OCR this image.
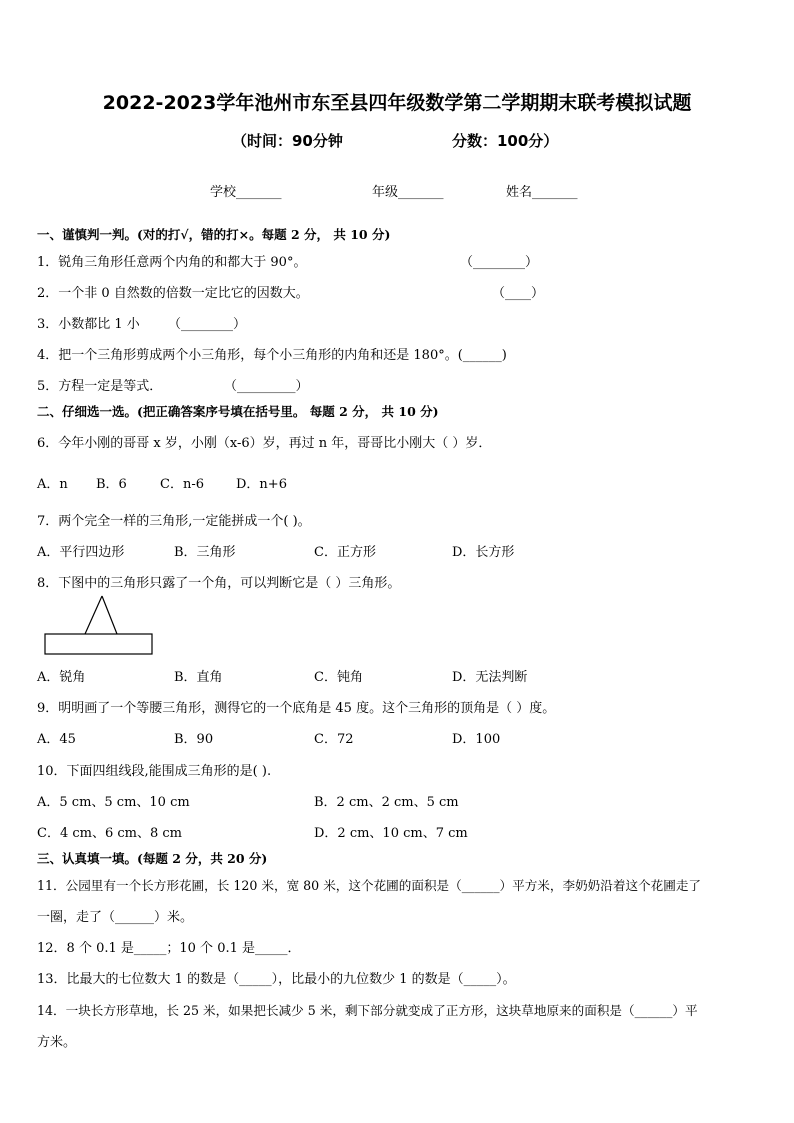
2022-2023学年池州市东至县四年级数学第二学期期末联考模拟试题
（时间：90分钟	分数：100分）
学校_______	年级_______	姓名_______
一、谨慎判一判。(对的打√，错的打×。每题 2 分， 共 10 分)
1．锐角三角形任意两个内角的和都大于 90°。	（________）
2．一个非 0 自然数的倍数一定比它的因数大。	（____）
3．小数都比 1 小 （________）
4．把一个三角形剪成两个小三角形，每个小三角形的内角和还是 180°。(______)
5．方程一定是等式．	（_________）
二、仔细选一选。(把正确答案序号填在括号里。 每题 2 分， 共 10 分)
6．今年小刚的哥哥 x 岁，小刚（x-6）岁，再过 n 年，哥哥比小刚大（ ）岁．
A．n B．6	C．n-6 D．n+6
7．两个完全一样的三角形,一定能拼成一个( )。
A．平行四边形	B．三角形	C．正方形	D．长方形
8．下图中的三角形只露了一个角，可以判断它是（ ）三角形。
A．锐角	B．直角	C．钝角	D．无法判断
9．明明画了一个等腰三角形，测得它的一个底角是 45 度。这个三角形的顶角是（ ）度。
A．45	B．90	C．72	D．100
10．下面四组线段,能围成三角形的是( ).
A．5 cm、5 cm、10 cm	B．2 cm、2 cm、5 cm
C．4 cm、6 cm、8 cm	D．2 cm、10 cm、7 cm
三、认真填一填。(每题 2 分，共 20 分)
11．公园里有一个长方形花圃，长 120 米，宽 80 米，这个花圃的面积是（______）平方米，李奶奶沿着这个花圃走了
一圈，走了（______）米。
12．8 个 0.1 是_____；10 个 0.1 是_____．
13．比最大的七位数大 1 的数是（_____），比最小的九位数少 1 的数是（_____）。
14．一块长方形草地，长 25 米，如果把长减少 5 米，剩下部分就变成了正方形，这块草地原来的面积是（______）平
方米。
